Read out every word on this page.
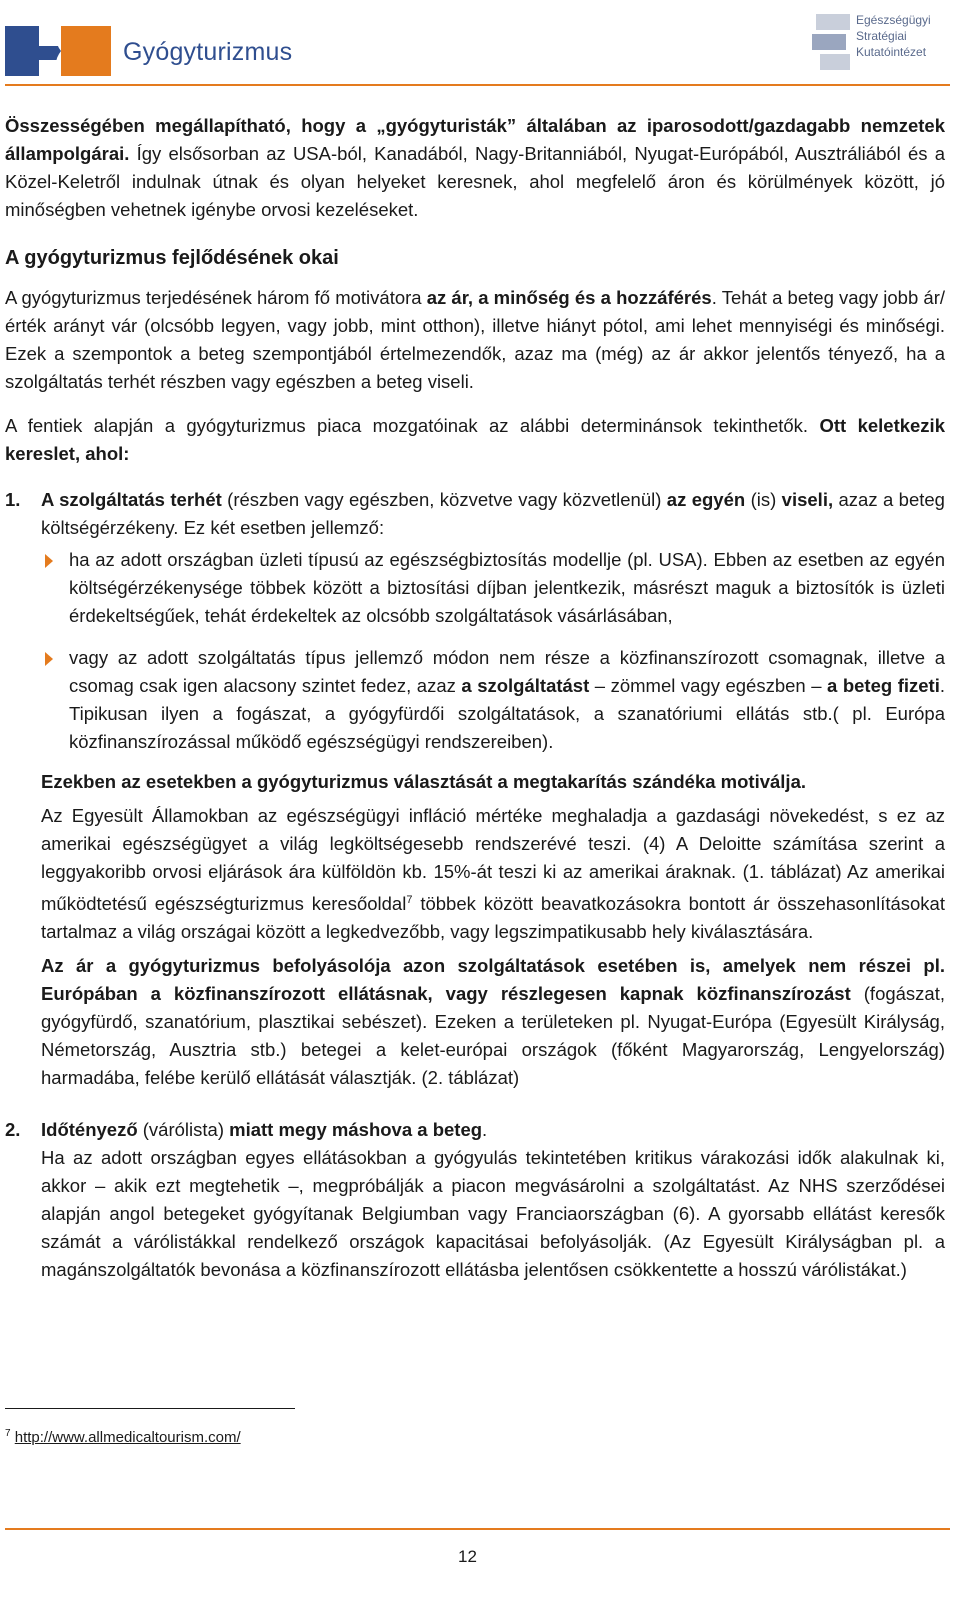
Gyógyturizmus
Egészségügyi
Stratégiai
Kutatóintézet

Összességében megállapítható, hogy a „gyógyturisták” általában az iparosodott/gazdagabb nemzetek állampolgárai. Így elsősorban az USA-ból, Kanadából, Nagy-Britanniából, Nyugat-Európából, Ausztráliából és a Közel-Keletről indulnak útnak és olyan helyeket keresnek, ahol megfelelő áron és körülmények között, jó minőségben vehetnek igénybe orvosi kezeléseket.

A gyógyturizmus fejlődésének okai

A gyógyturizmus terjedésének három fő motivátora az ár, a minőség és a hozzáférés. Tehát a beteg vagy jobb ár/érték arányt vár (olcsóbb legyen, vagy jobb, mint otthon), illetve hiányt pótol, ami lehet mennyiségi és minőségi. Ezek a szempontok a beteg szempontjából értelmezendők, azaz ma (még) az ár akkor jelentős tényező, ha a szolgáltatás terhét részben vagy egészben a beteg viseli.

A fentiek alapján a gyógyturizmus piaca mozgatóinak az alábbi determinánsok tekinthetők. Ott keletkezik kereslet, ahol:

1. A szolgáltatás terhét (részben vagy egészben, közvetve vagy közvetlenül) az egyén (is) viseli, azaz a beteg költségérzékeny. Ez két esetben jellemző:

ha az adott országban üzleti típusú az egészségbiztosítás modellje (pl. USA). Ebben az esetben az egyén költségérzékenysége többek között a biztosítási díjban jelentkezik, másrészt maguk a biztosítók is üzleti érdekeltségűek, tehát érdekeltek az olcsóbb szolgáltatások vásárlásában,

vagy az adott szolgáltatás típus jellemző módon nem része a közfinanszírozott csomagnak, illetve a csomag csak igen alacsony szintet fedez, azaz a szolgáltatást – zömmel vagy egészben – a beteg fizeti. Tipikusan ilyen a fogászat, a gyógyfürdői szolgáltatások, a szanatóriumi ellátás stb.( pl. Európa közfinanszírozással működő egészségügyi rendszereiben).

Ezekben az esetekben a gyógyturizmus választását a megtakarítás szándéka motiválja.

Az Egyesült Államokban az egészségügyi infláció mértéke meghaladja a gazdasági növekedést, s ez az amerikai egészségügyet a világ legköltségesebb rendszerévé teszi. (4) A Deloitte számítása szerint a leggyakoribb orvosi eljárások ára külföldön kb. 15%-át teszi ki az amerikai áraknak. (1. táblázat) Az amerikai működtetésű egészségturizmus keresőoldal$^7$ többek között beavatkozásokra bontott ár összehasonlításokat tartalmaz a világ országai között a legkedvezőbb, vagy legszimpatikusabb hely kiválasztására.

Az ár a gyógyturizmus befolyásolója azon szolgáltatások esetében is, amelyek nem részei pl. Európában a közfinanszírozott ellátásnak, vagy részlegesen kapnak közfinanszírozást (fogászat, gyógyfürdő, szanatórium, plasztikai sebészet). Ezeken a területeken pl. Nyugat-Európa (Egyesült Királyság, Németország, Ausztria stb.) betegei a kelet-európai országok (főként Magyarország, Lengyelország) harmadába, felébe kerülő ellátását választják. (2. táblázat)

2. Időtényező (várólista) miatt megy máshova a beteg.
Ha az adott országban egyes ellátásokban a gyógyulás tekintetében kritikus várakozási idők alakulnak ki, akkor – akik ezt megtehetik –, megpróbálják a piacon megvásárolni a szolgáltatást. Az NHS szerződései alapján angol betegeket gyógyítanak Belgiumban vagy Franciaországban (6). A gyorsabb ellátást keresők számát a várólistákkal rendelkező országok kapacitásai befolyásolják. (Az Egyesült Királyságban pl. a magánszolgáltatók bevonása a közfinanszírozott ellátásba jelentősen csökkentette a hosszú várólistákat.)

$^7$ http://www.allmedicaltourism.com/
12
